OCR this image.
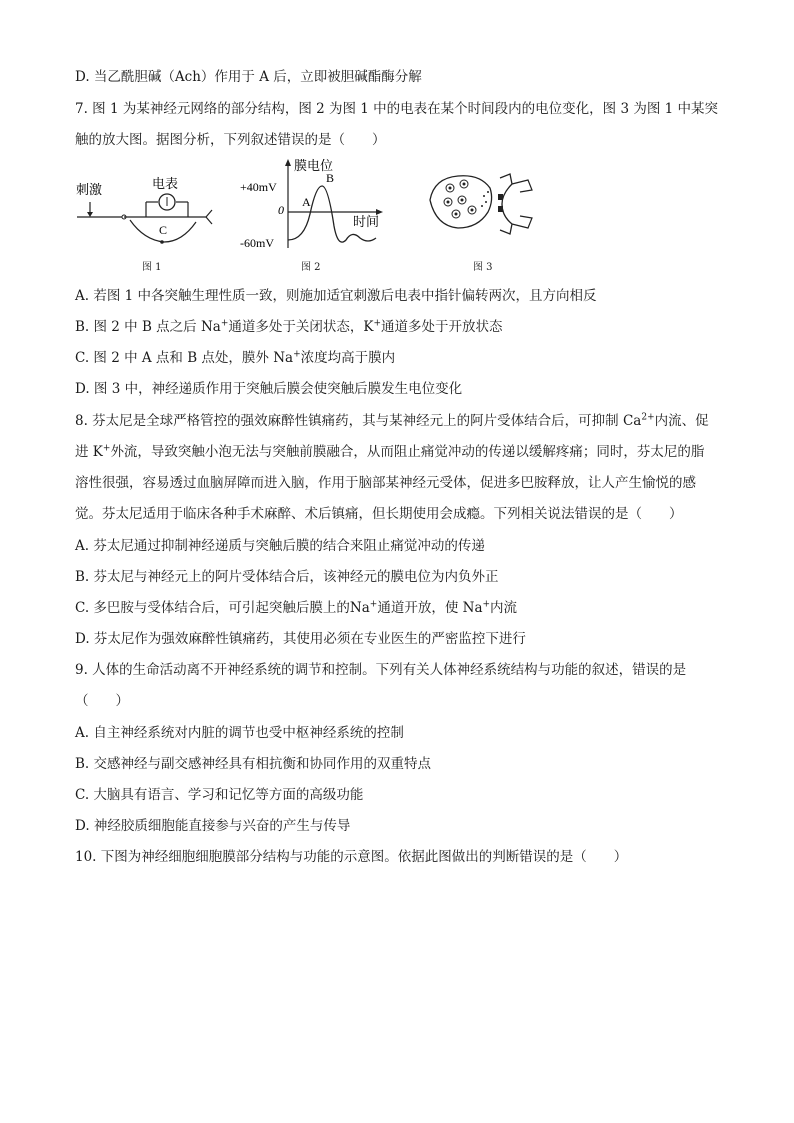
D. 当乙酰胆碱（Ach）作用于 A 后，立即被胆碱酯酶分解
7. 图 1 为某神经元网络的部分结构，图 2 为图 1 中的电表在某个时间段内的电位变化，图 3 为图 1 中某突
触的放大图。据图分析，下列叙述错误的是（　　）
刺激	电表
C
图 1
膜电位
时间
+40mV
0
-60mV
A
B
图 2	图 3
A. 若图 1 中各突触生理性质一致，则施加适宜刺激后电表中指针偏转两次，且方向相反
B. 图 2 中 B 点之后 Na+通道多处于关闭状态，K+通道多处于开放状态
C. 图 2 中 A 点和 B 点处，膜外 Na+浓度均高于膜内
D. 图 3 中，神经递质作用于突触后膜会使突触后膜发生电位变化
8. 芬太尼是全球严格管控的强效麻醉性镇痛药，其与某神经元上的阿片受体结合后，可抑制 $Ca^{2+}$内流、促
进 K+外流，导致突触小泡无法与突触前膜融合，从而阻止痛觉冲动的传递以缓解疼痛；同时，芬太尼的脂
溶性很强，容易透过血脑屏障而进入脑，作用于脑部某神经元受体，促进多巴胺释放，让人产生愉悦的感
觉。芬太尼适用于临床各种手术麻醉、术后镇痛，但长期使用会成瘾。下列相关说法错误的是（　　）
A. 芬太尼通过抑制神经递质与突触后膜的结合来阻止痛觉冲动的传递
B. 芬太尼与神经元上的阿片受体结合后，该神经元的膜电位为内负外正
C. 多巴胺与受体结合后，可引起突触后膜上的Na+通道开放，使 Na+内流
D. 芬太尼作为强效麻醉性镇痛药，其使用必须在专业医生的严密监控下进行
9. 人体的生命活动离不开神经系统的调节和控制。下列有关人体神经系统结构与功能的叙述，错误的是
（　　）
A. 自主神经系统对内脏的调节也受中枢神经系统的控制
B. 交感神经与副交感神经具有相抗衡和协同作用的双重特点
C. 大脑具有语言、学习和记忆等方面的高级功能
D. 神经胶质细胞能直接参与兴奋的产生与传导
10. 下图为神经细胞细胞膜部分结构与功能的示意图。依据此图做出的判断错误的是（　　）
